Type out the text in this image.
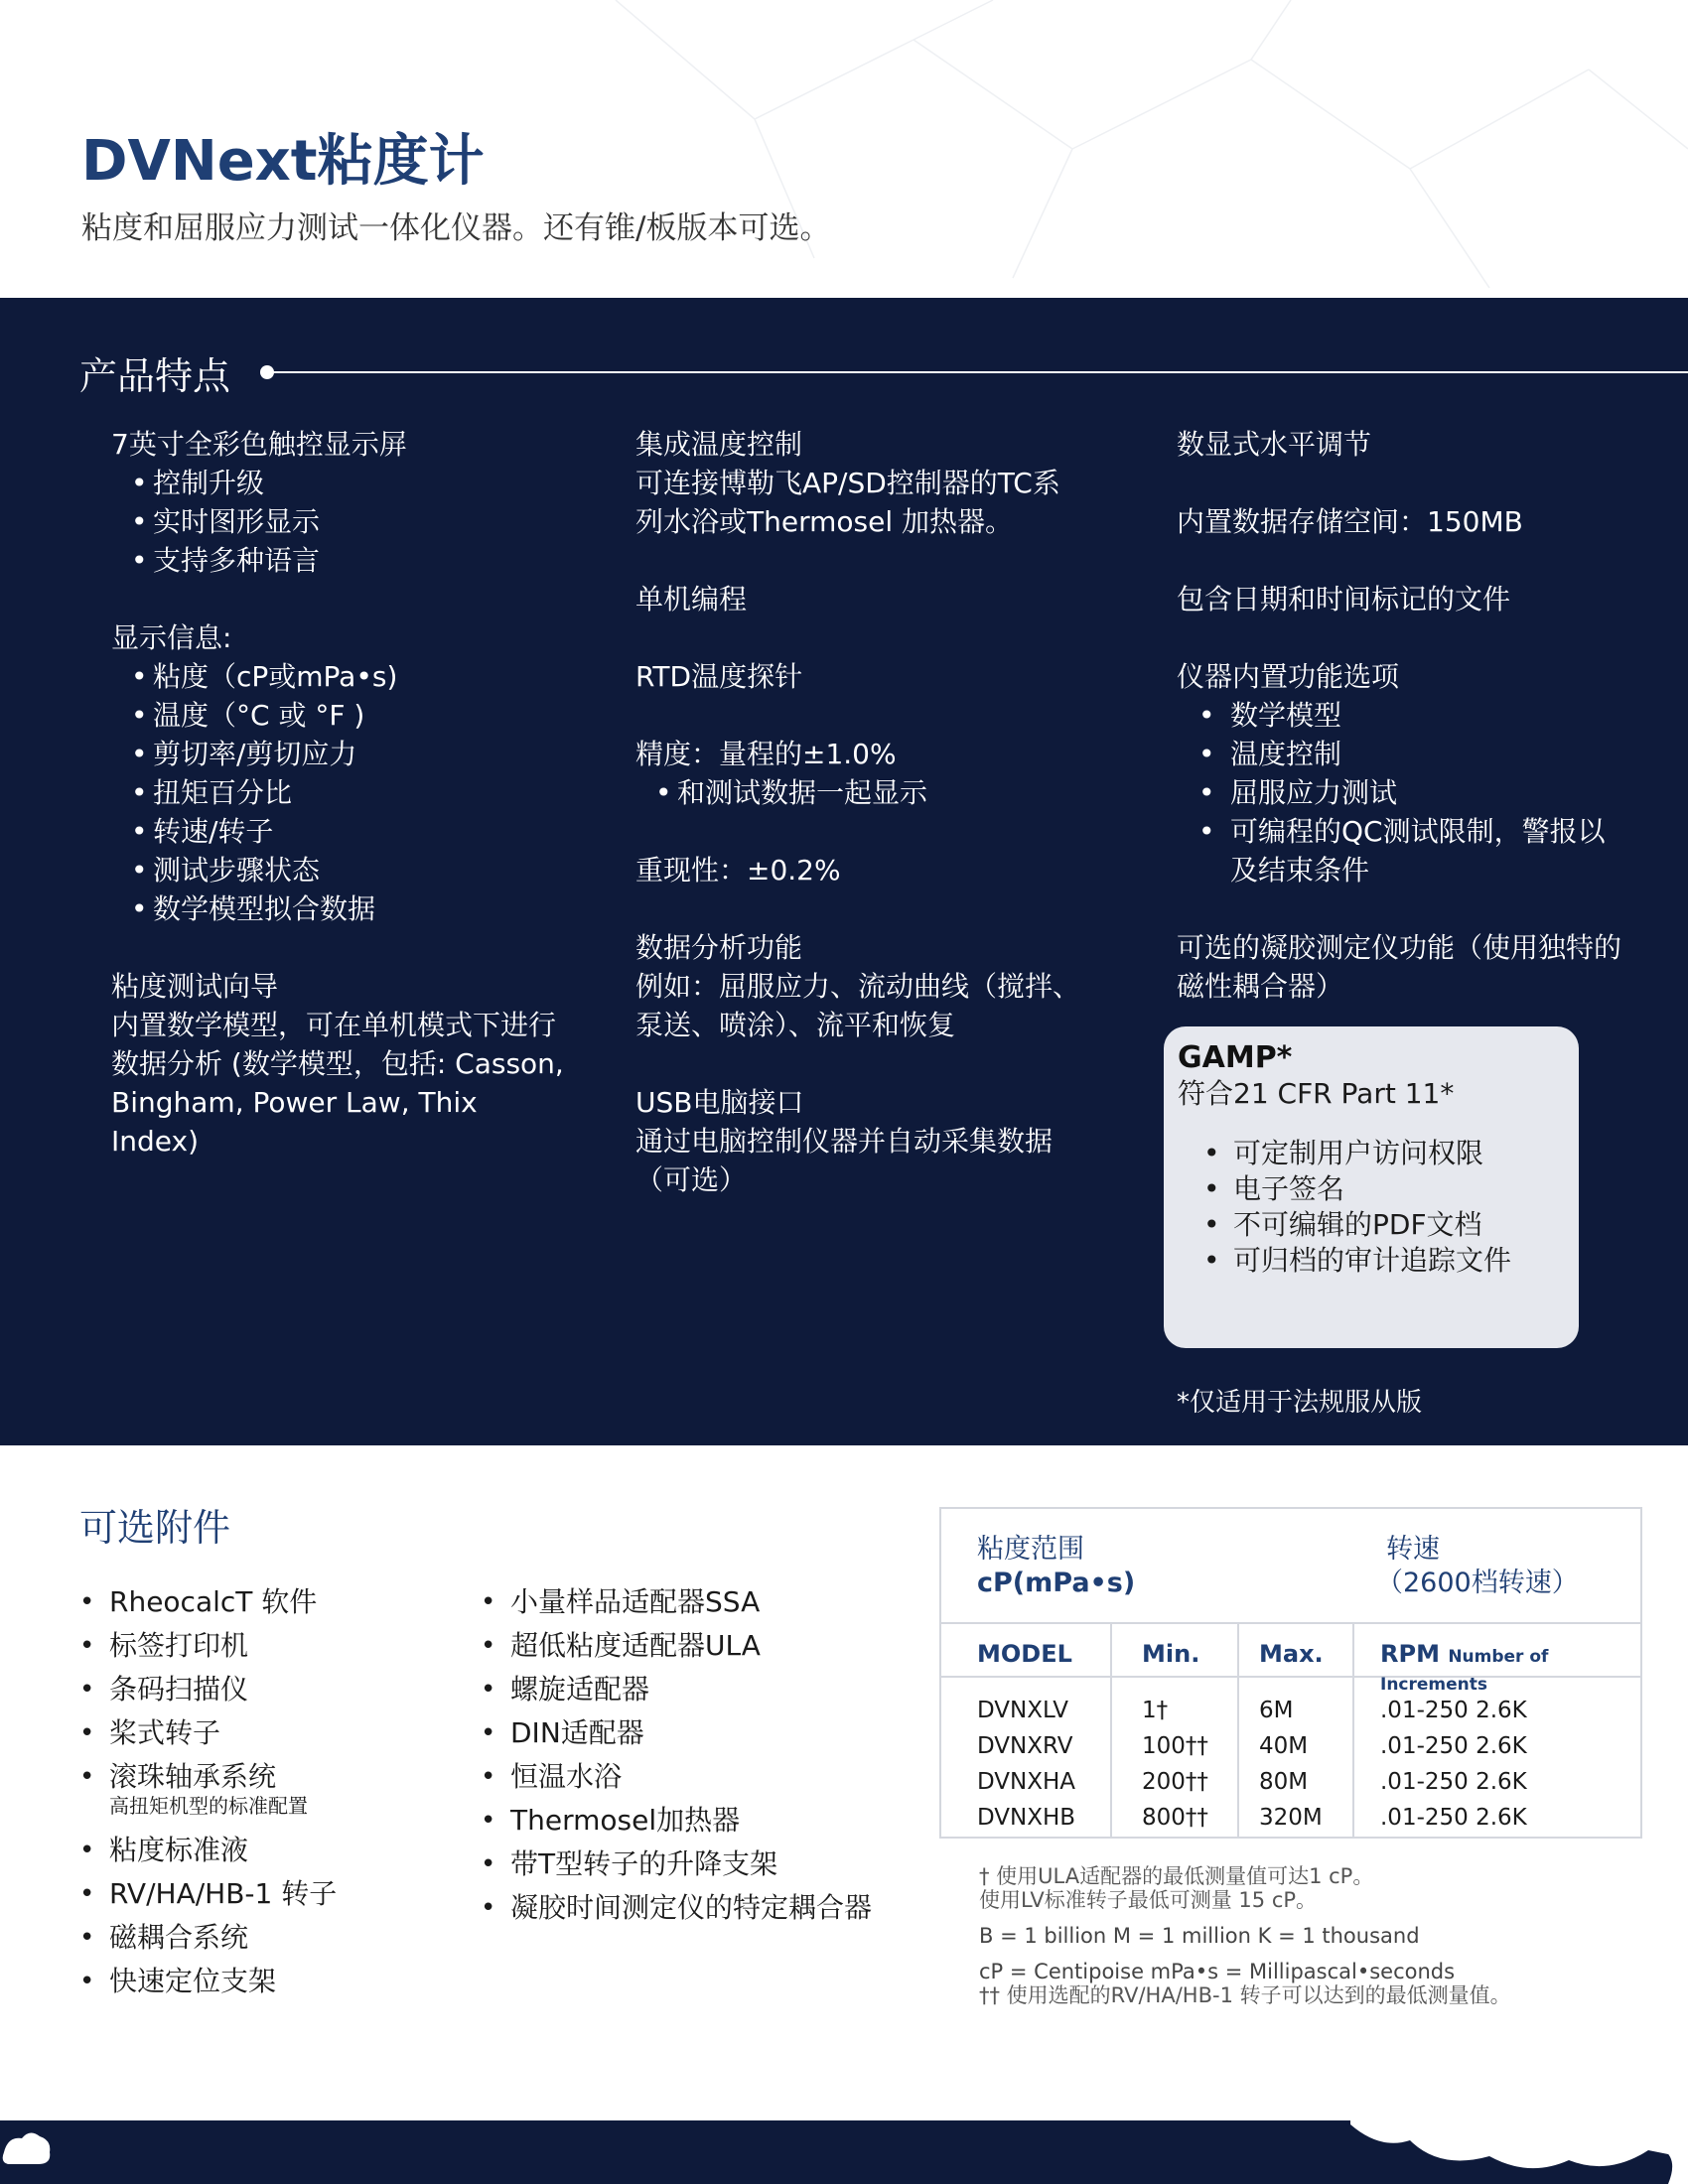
DVNext粘度计
粘度和屈服应力测试一体化仪器。还有锥/板版本可选。
产品特点
7英寸全彩色触控显示屏
• 控制升级
• 实时图形显示
• 支持多种语言
显示信息:
• 粘度（cP或mPa•s)
• 温度（°C 或 °F )
• 剪切率/剪切应力
• 扭矩百分比
• 转速/转子
• 测试步骤状态
• 数学模型拟合数据
粘度测试向导
内置数学模型，可在单机模式下进行数据分析 (数学模型，包括: Casson, Bingham, Power Law, Thix Index)
集成温度控制
可连接博勒飞AP/SD控制器的TC系列水浴或Thermosel 加热器。
单机编程
RTD温度探针
精度：量程的±1.0%
• 和测试数据一起显示
重现性：±0.2%
数据分析功能
例如：屈服应力、流动曲线（搅拌、泵送、喷涂）、流平和恢复
USB电脑接口
通过电脑控制仪器并自动采集数据（可选）
数显式水平调节
内置数据存储空间：150MB
包含日期和时间标记的文件
仪器内置功能选项
• 数学模型
• 温度控制
• 屈服应力测试
• 可编程的QC测试限制，警报以及结束条件
可选的凝胶测定仪功能（使用独特的磁性耦合器）
GAMP*
符合21 CFR Part 11*
• 可定制用户访问权限
• 电子签名
• 不可编辑的PDF文档
• 可归档的审计追踪文件
*仅适用于法规服从版
可选附件
• RheocalcT 软件
• 标签打印机
• 条码扫描仪
• 桨式转子
• 滚珠轴承系统
高扭矩机型的标准配置
• 粘度标准液
• RV/HA/HB-1 转子
• 磁耦合系统
• 快速定位支架
• 小量样品适配器SSA
• 超低粘度适配器ULA
• 螺旋适配器
• DIN适配器
• 恒温水浴
• Thermosel加热器
• 带T型转子的升降支架
• 凝胶时间测定仪的特定耦合器
粘度范围
cP(mPa•s)
转速
（2600档转速）
MODEL	Min. Max. RPM Number of Increments
DVNXLV	1†	6M	.01-250 2.6K
DVNXRV	100†† 40M	.01-250 2.6K
DVNXHA	200†† 80M	.01-250 2.6K
DVNXHB	800†† 320M	.01-250 2.6K
† 使用ULA适配器的最低测量值可达1 cP。
使用LV标准转子最低可测量 15 cP。
B = 1 billion M = 1 million K = 1 thousand
cP = Centipoise mPa•s = Millipascal•seconds
†† 使用选配的RV/HA/HB-1 转子可以达到的最低测量值。
